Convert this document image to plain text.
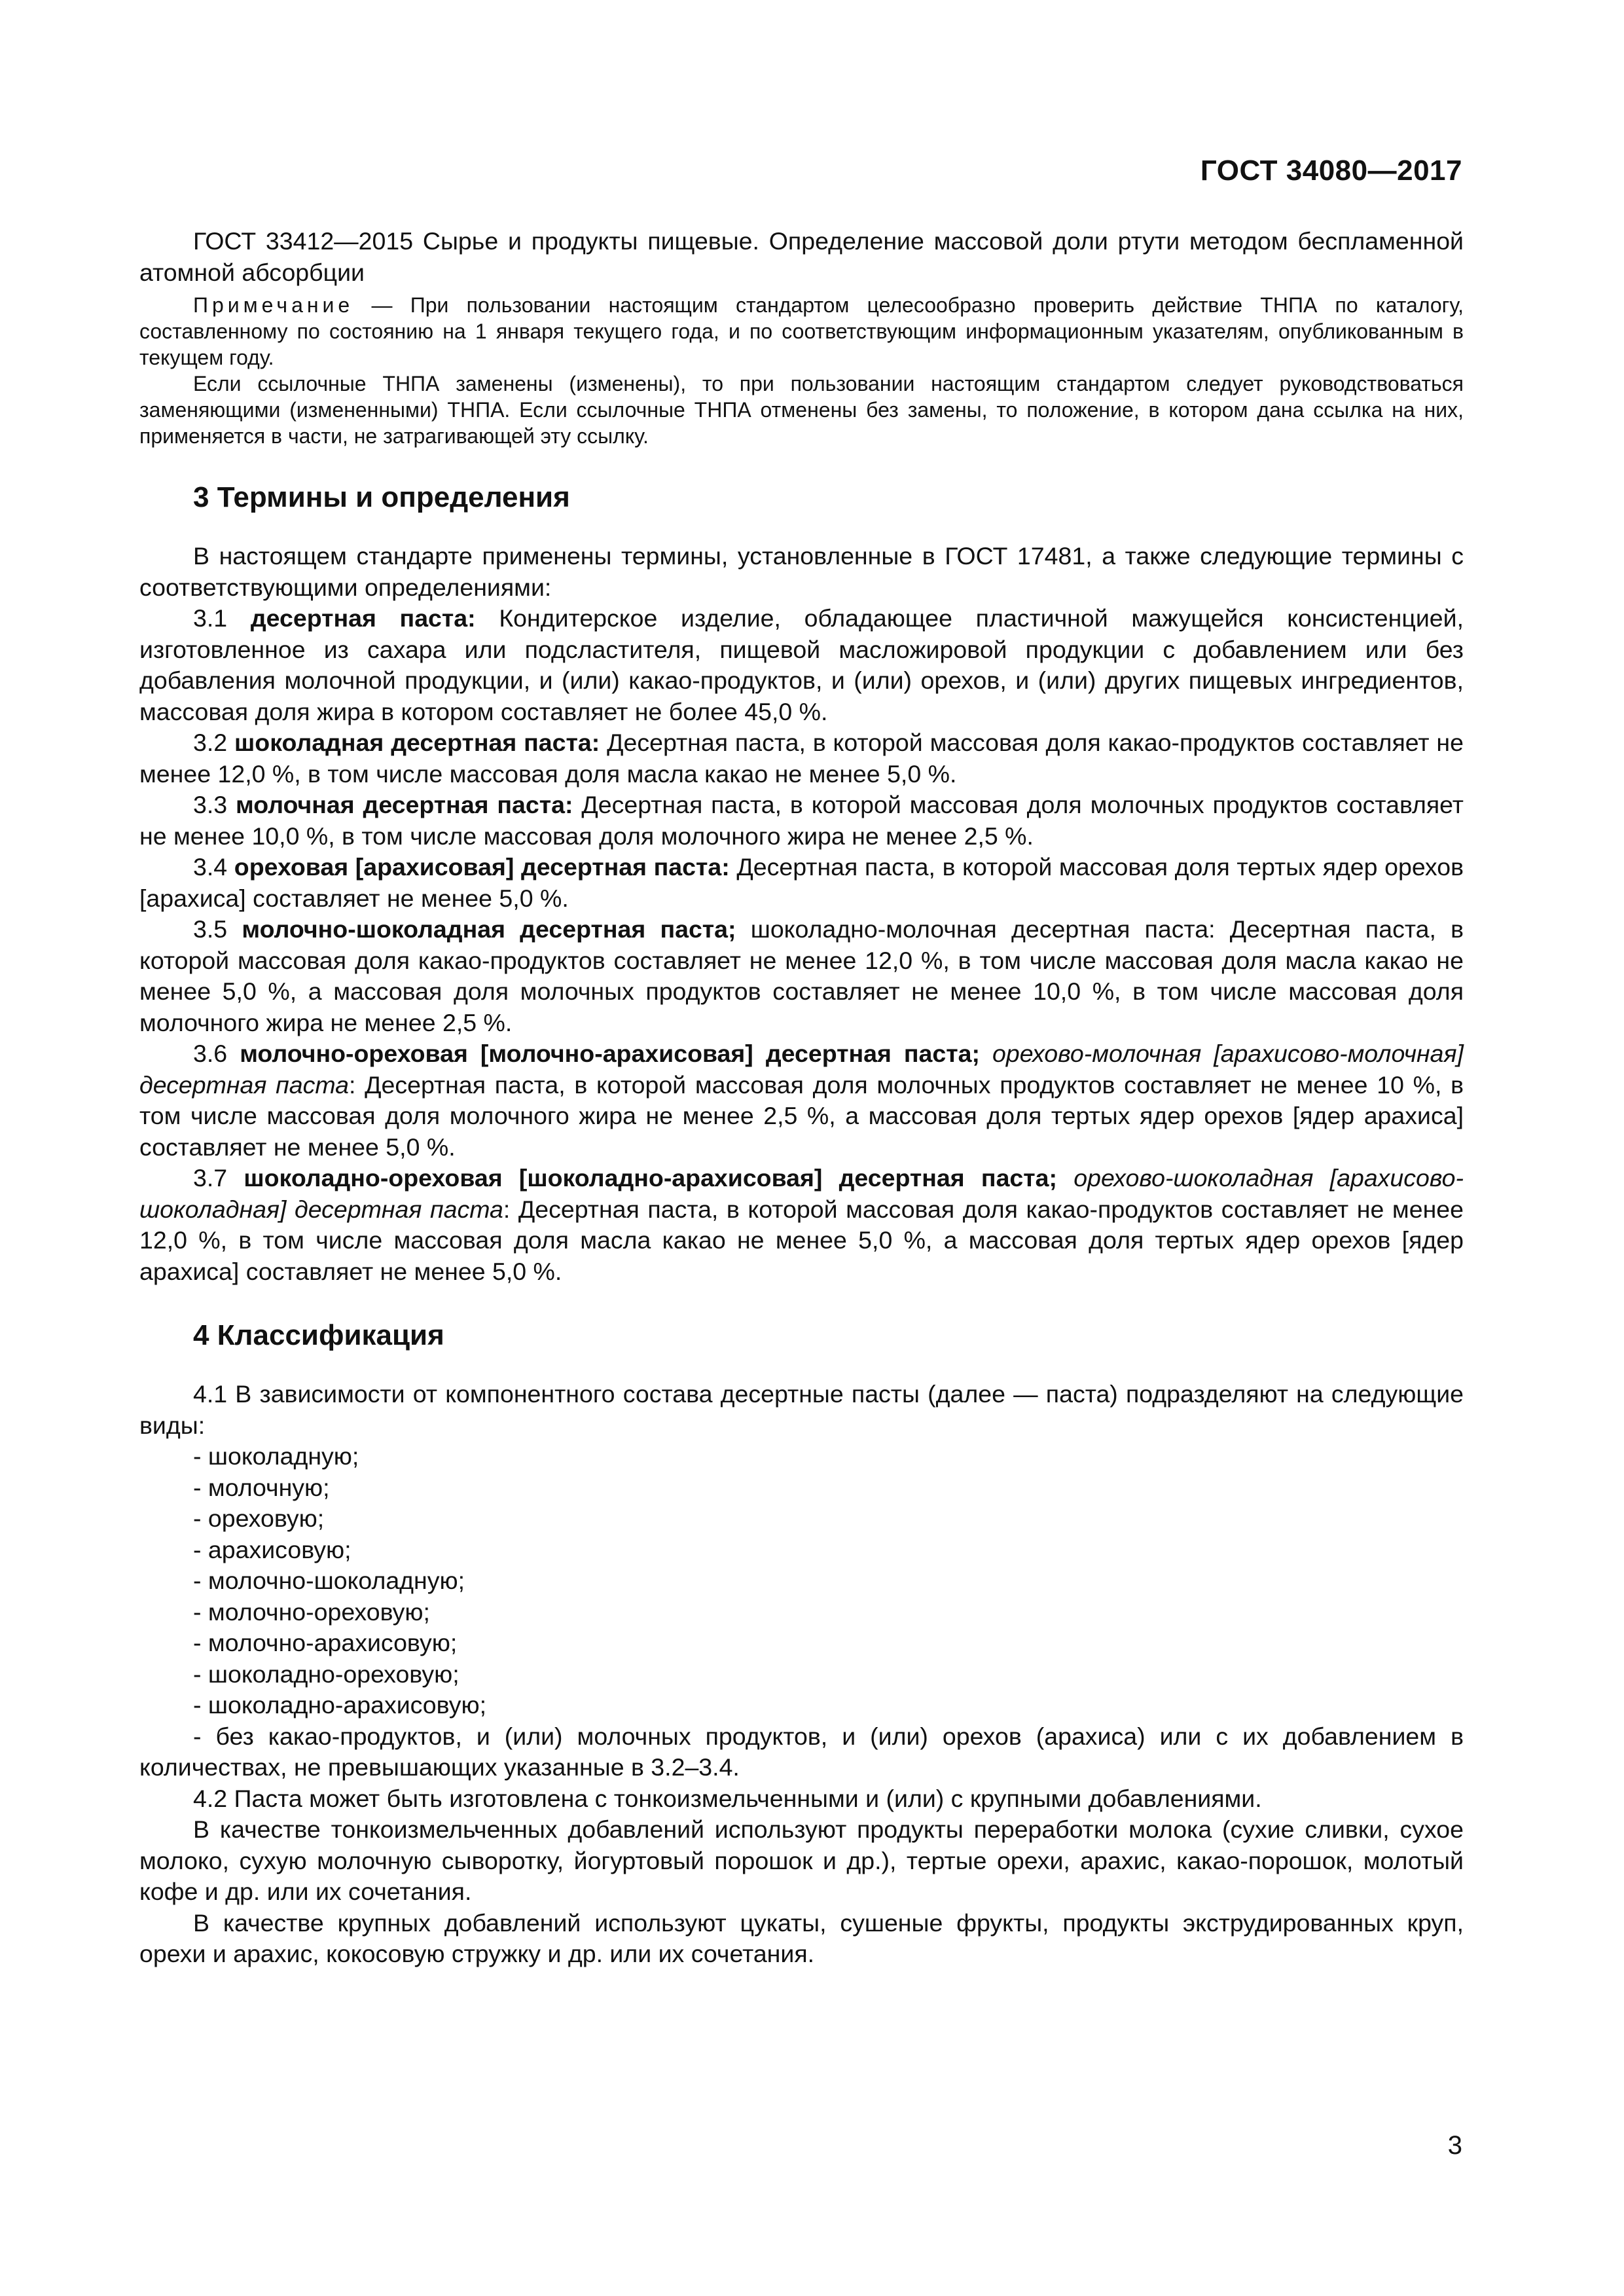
ГОСТ 34080—2017

ГОСТ 33412—2015 Сырье и продукты пищевые. Определение массовой доли ртути методом беспламенной атомной абсорбции

Примечание — При пользовании настоящим стандартом целесообразно проверить действие ТНПА по каталогу, составленному по состоянию на 1 января текущего года, и по соответствующим информационным указателям, опубликованным в текущем году.

Если ссылочные ТНПА заменены (изменены), то при пользовании настоящим стандартом следует руководствоваться заменяющими (измененными) ТНПА. Если ссылочные ТНПА отменены без замены, то положение, в котором дана ссылка на них, применяется в части, не затрагивающей эту ссылку.

3 Термины и определения

В настоящем стандарте применены термины, установленные в ГОСТ 17481, а также следующие термины с соответствующими определениями:

3.1 десертная паста: Кондитерское изделие, обладающее пластичной мажущейся консистенцией, изготовленное из сахара или подсластителя, пищевой масложировой продукции с добавлением или без добавления молочной продукции, и (или) какао-продуктов, и (или) орехов, и (или) других пищевых ингредиентов, массовая доля жира в котором составляет не более 45,0 %.

3.2 шоколадная десертная паста: Десертная паста, в которой массовая доля какао-продуктов составляет не менее 12,0 %, в том числе массовая доля масла какао не менее 5,0 %.

3.3 молочная десертная паста: Десертная паста, в которой массовая доля молочных продуктов составляет не менее 10,0 %, в том числе массовая доля молочного жира не менее 2,5 %.

3.4 ореховая [арахисовая] десертная паста: Десертная паста, в которой массовая доля тертых ядер орехов [арахиса] составляет не менее 5,0 %.

3.5 молочно-шоколадная десертная паста; шоколадно-молочная десертная паста: Десертная паста, в которой массовая доля какао-продуктов составляет не менее 12,0 %, в том числе массовая доля масла какао не менее 5,0 %, а массовая доля молочных продуктов составляет не менее 10,0 %, в том числе массовая доля молочного жира не менее 2,5 %.

3.6 молочно-ореховая [молочно-арахисовая] десертная паста; орехово-молочная [арахисово-молочная] десертная паста: Десертная паста, в которой массовая доля молочных продуктов составляет не менее 10 %, в том числе массовая доля молочного жира не менее 2,5 %, а массовая доля тертых ядер орехов [ядер арахиса] составляет не менее 5,0 %.

3.7 шоколадно-ореховая [шоколадно-арахисовая] десертная паста; орехово-шоколадная [арахисово-шоколадная] десертная паста: Десертная паста, в которой массовая доля какао-продуктов составляет не менее 12,0 %, в том числе массовая доля масла какао не менее 5,0 %, а массовая доля тертых ядер орехов [ядер арахиса] составляет не менее 5,0 %.

4 Классификация

4.1 В зависимости от компонентного состава десертные пасты (далее — паста) подразделяют на следующие виды:

- шоколадную;

- молочную;

- ореховую;

- арахисовую;

- молочно-шоколадную;

- молочно-ореховую;

- молочно-арахисовую;

- шоколадно-ореховую;

- шоколадно-арахисовую;

- без какао-продуктов, и (или) молочных продуктов, и (или) орехов (арахиса) или с их добавлением в количествах, не превышающих указанные в 3.2–3.4.

4.2 Паста может быть изготовлена с тонкоизмельченными и (или) с крупными добавлениями.

В качестве тонкоизмельченных добавлений используют продукты переработки молока (сухие сливки, сухое молоко, сухую молочную сыворотку, йогуртовый порошок и др.), тертые орехи, арахис, какао-порошок, молотый кофе и др. или их сочетания.

В качестве крупных добавлений используют цукаты, сушеные фрукты, продукты экструдированных круп, орехи и арахис, кокосовую стружку и др. или их сочетания.

3
